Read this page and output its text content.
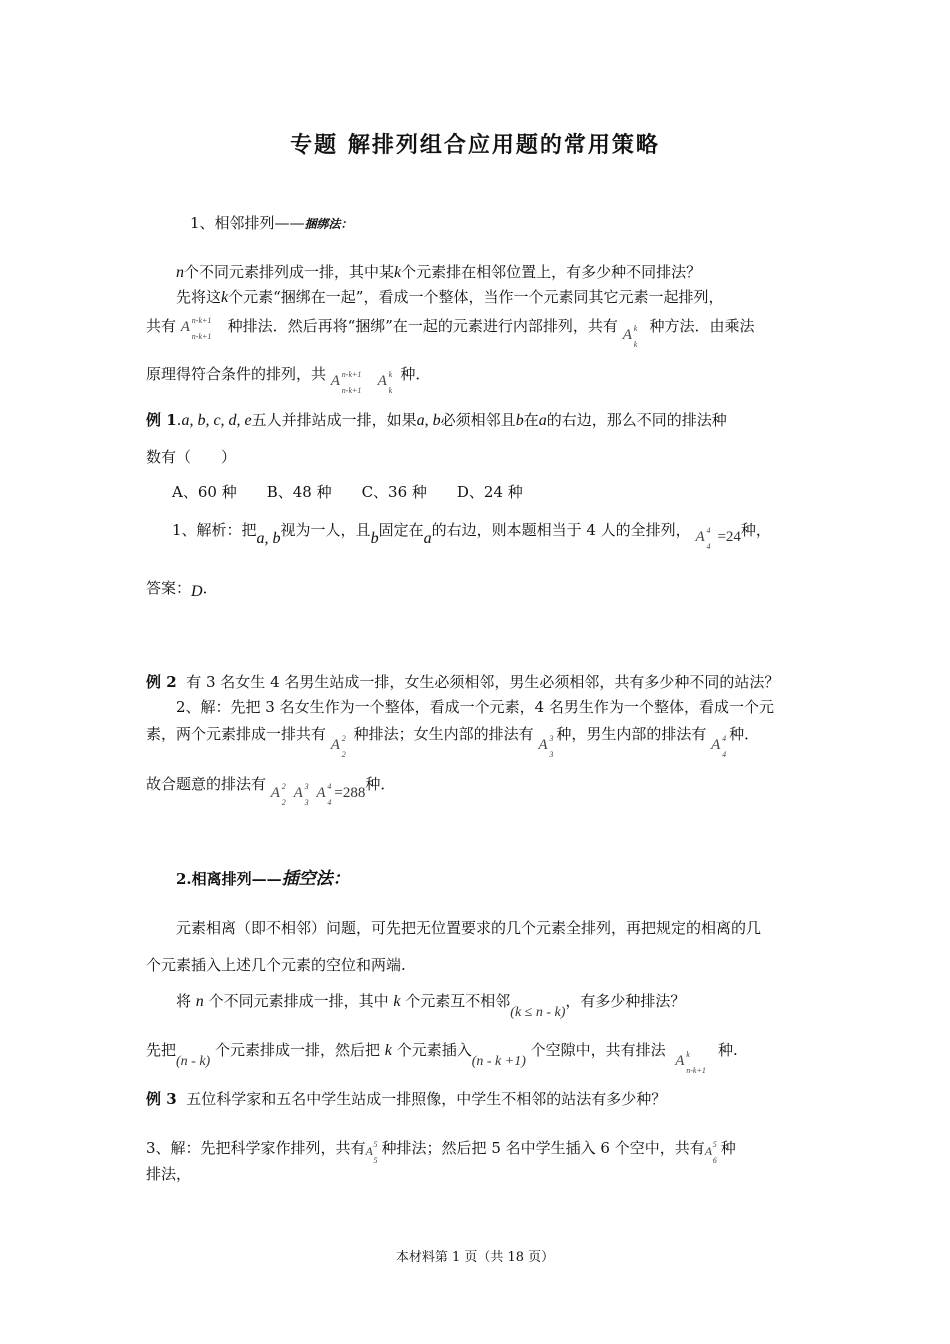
专题 解排列组合应用题的常用策略
1、相邻排列——捆绑法：
n个不同元素排列成一排，其中某k个元素排在相邻位置上，有多少种不同排法？
先将这k个元素“捆绑在一起”，看成一个整体，当作一个元素同其它元素一起排列，
共有 A n-k+1
n-k+1
种排法．然后再将“捆绑”在一起的元素进行内部排列，共有 A k
k
种方法．由乘法
原理得符合条件的排列，共 A n-k+1
n-k+1
A k
k
种．
例 1.a, b, c, d, e五人并排站成一排，如果a, b必须相邻且b在a的右边，那么不同的排法种
数有（　　）
A、60 种　　B、48 种　　C、36 种　　D、24 种
1、解析：把a, b视为一人，且b固定在a的右边，则本题相当于 4 人的全排列， A 4
4
=24种，
答案：D．
例 2 有 3 名女生 4 名男生站成一排，女生必须相邻，男生必须相邻，共有多少种不同的站法？
2、解：先把 3 名女生作为一个整体，看成一个元素，4 名男生作为一个整体，看成一个元
素，两个元素排成一排共有 A 2
2
种排法；女生内部的排法有 A 3
3
种，男生内部的排法有 A 4
4
种．
故合题意的排法有 A 2
2
A 3
3
A 4
4
=288种．
2.相离排列——插空法：
元素相离（即不相邻）问题，可先把无位置要求的几个元素全排列，再把规定的相离的几
个元素插入上述几个元素的空位和两端.
将 n 个不同元素排成一排，其中 k 个元素互不相邻(k ≤ n - k)，有多少种排法？
先把(n - k) 个元素排成一排，然后把 k 个元素插入(n - k +1) 个空隙中，共有排法  A k
n-k+1
种.
例 3 五位科学家和五名中学生站成一排照像，中学生不相邻的站法有多少种？
3、解：先把科学家作排列，共有A 5
5
种排法；然后把 5 名中学生插入 6 个空中，共有A 5
6
种
排法，
本材料第 1 页（共 18 页）
